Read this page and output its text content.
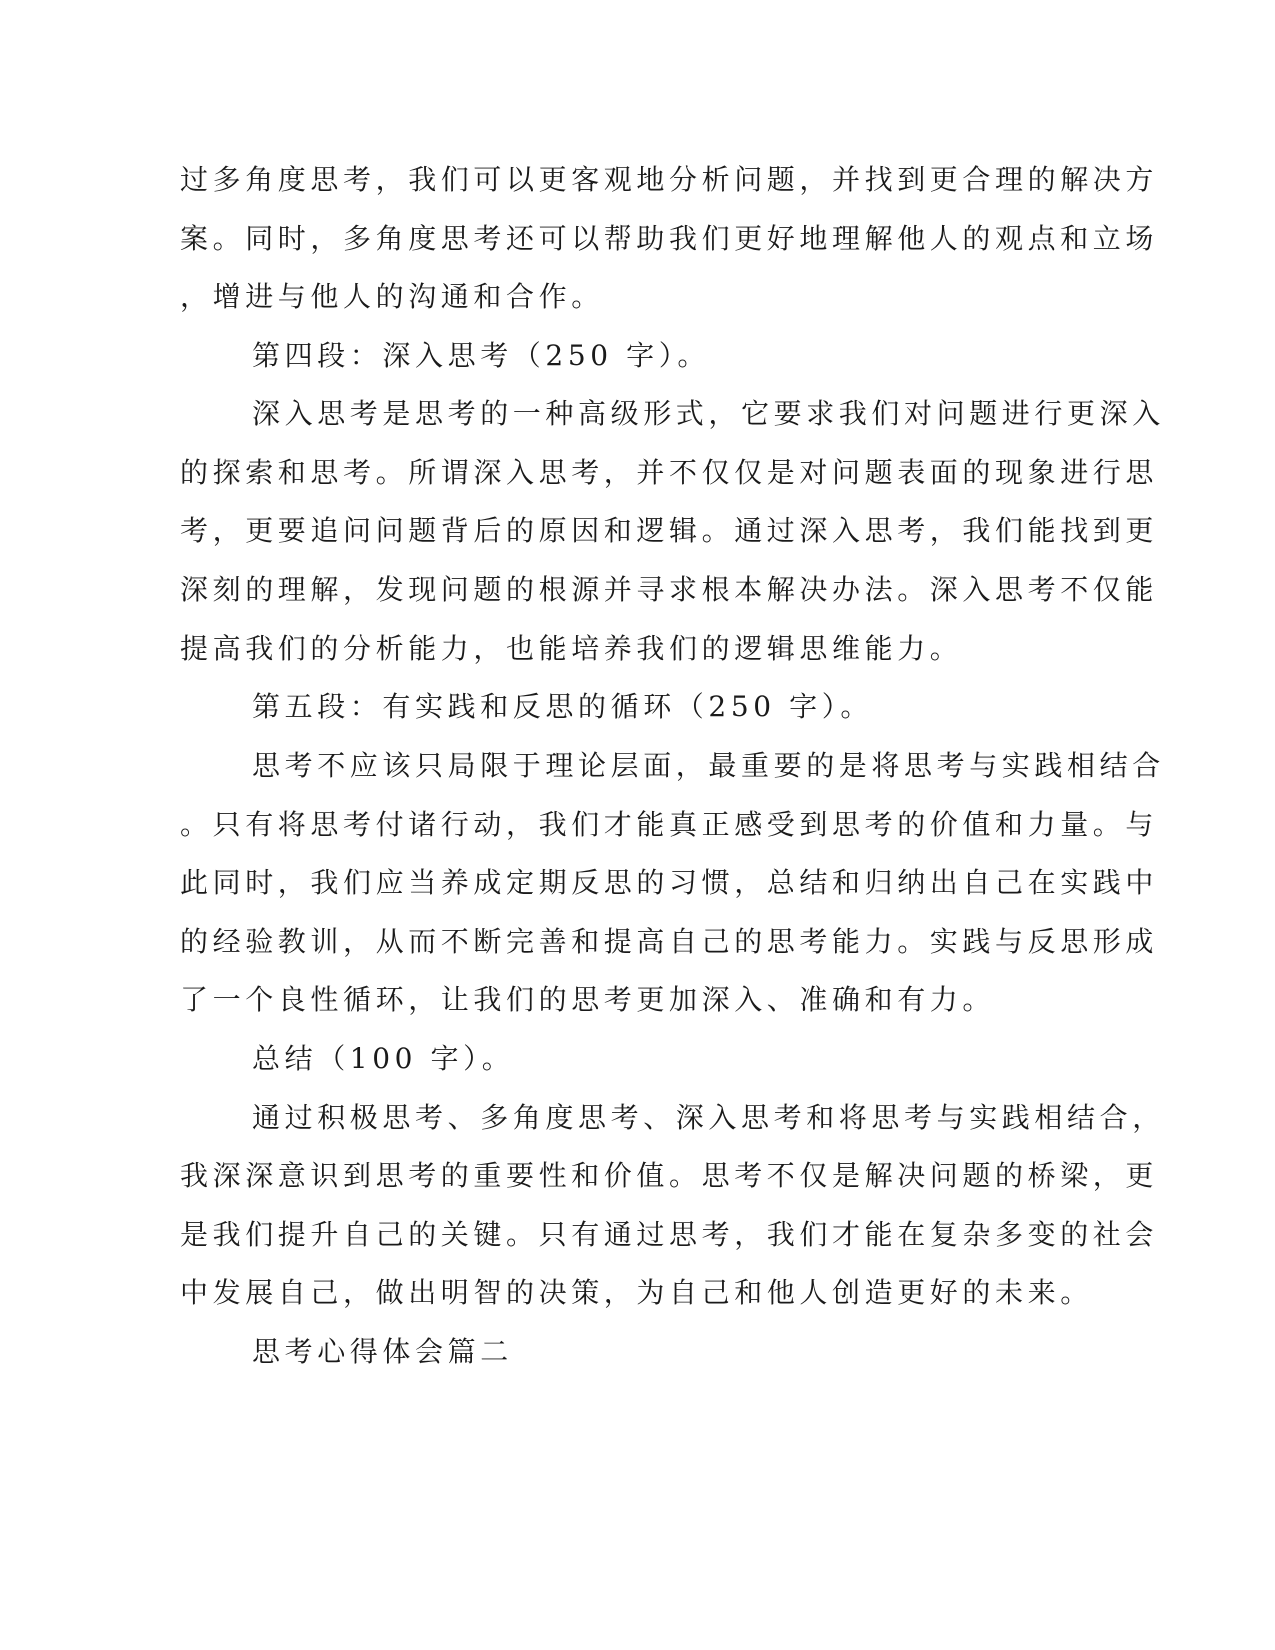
过多角度思考，我们可以更客观地分析问题，并找到更合理的解决方
案。同时，多角度思考还可以帮助我们更好地理解他人的观点和立场
，增进与他人的沟通和合作。
第四段：深入思考（250 字）。
深入思考是思考的一种高级形式，它要求我们对问题进行更深入
的探索和思考。所谓深入思考，并不仅仅是对问题表面的现象进行思
考，更要追问问题背后的原因和逻辑。通过深入思考，我们能找到更
深刻的理解，发现问题的根源并寻求根本解决办法。深入思考不仅能
提高我们的分析能力，也能培养我们的逻辑思维能力。
第五段：有实践和反思的循环（250 字）。
思考不应该只局限于理论层面，最重要的是将思考与实践相结合
。只有将思考付诸行动，我们才能真正感受到思考的价值和力量。与
此同时，我们应当养成定期反思的习惯，总结和归纳出自己在实践中
的经验教训，从而不断完善和提高自己的思考能力。实践与反思形成
了一个良性循环，让我们的思考更加深入、准确和有力。
总结（100 字）。
通过积极思考、多角度思考、深入思考和将思考与实践相结合，
我深深意识到思考的重要性和价值。思考不仅是解决问题的桥梁，更
是我们提升自己的关键。只有通过思考，我们才能在复杂多变的社会
中发展自己，做出明智的决策，为自己和他人创造更好的未来。
思考心得体会篇二
